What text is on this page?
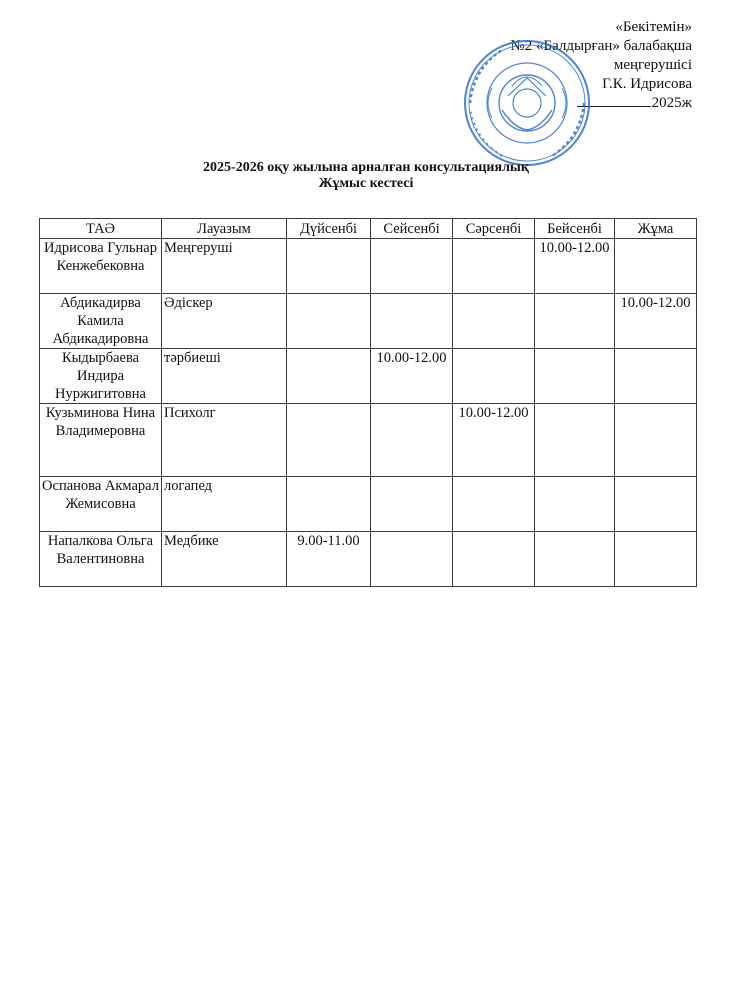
«Бекітемін»
№2 «Балдырған» балабақша
меңгерушісі
Г.К. Идрисова
2025ж
2025-2026 оқу жылына арналған консультациялық
Жұмыс кестесі
ТАӘ	Лауазым	Дүйсенбі	Сейсенбі	Сәрсенбі	Бейсенбі	Жұма
Идрисова Гульнар Кенжебековна	Меңгеруші				10.00-12.00	
Абдикадирва Камила Абдикадировна	Әдіскер					10.00-12.00
Кыдырбаева Индира Нуржигитовна	тәрбиеші		10.00-12.00			
Кузьминова Нина Владимеровна	Психолг			10.00-12.00		
Оспанова Акмарал Жемисовна	логапед					
Напалкова Ольга Валентиновна	Медбике	9.00-11.00				
